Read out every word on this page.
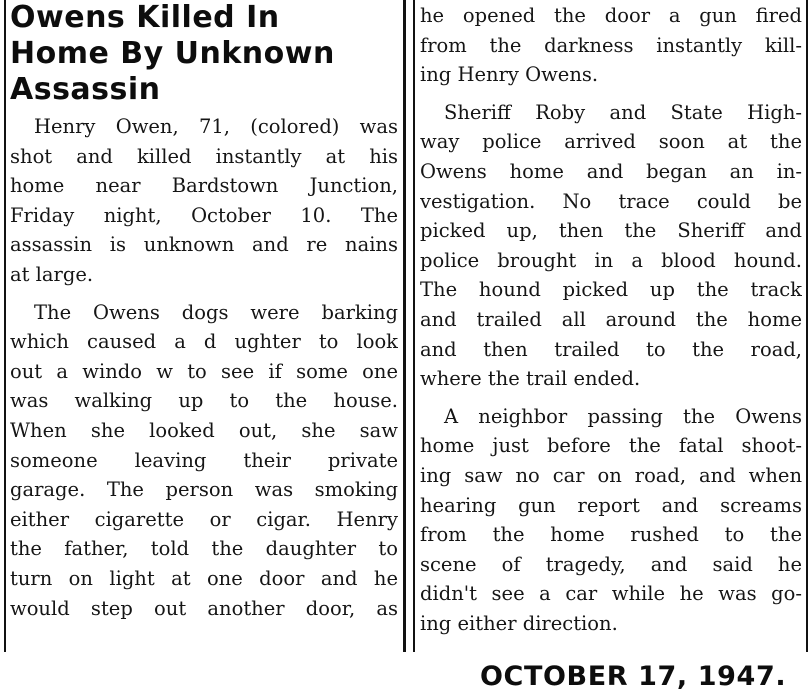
Owens Killed In
Home By Unknown
Assassin
Henry Owen, 71, (colored) was
shot and killed instantly at his
home near Bardstown Junction,
Friday night, October 10. The
assassin is unknown and re nains
at large.
The Owens dogs were barking
which caused a d ughter to look
out a windo w to see if some one
was walking up to the house.
When she looked out, she saw
someone leaving their private
garage. The person was smoking
either cigarette or cigar. Henry
the father, told the daughter to
turn on light at one door and he
would step out another door, as
he opened the door a gun fired
from the darkness instantly kill-
ing Henry Owens.
Sheriff Roby and State High-
way police arrived soon at the
Owens home and began an in-
vestigation. No trace could be
picked up, then the Sheriff and
police brought in a blood hound.
The hound picked up the track
and trailed all around the home
and then trailed to the road,
where the trail ended.
A neighbor passing the Owens
home just before the fatal shoot-
ing saw no car on road, and when
hearing gun report and screams
from the home rushed to the
scene of tragedy, and said he
didn't see a car while he was go-
ing either direction.
OCTOBER 17, 1947.
